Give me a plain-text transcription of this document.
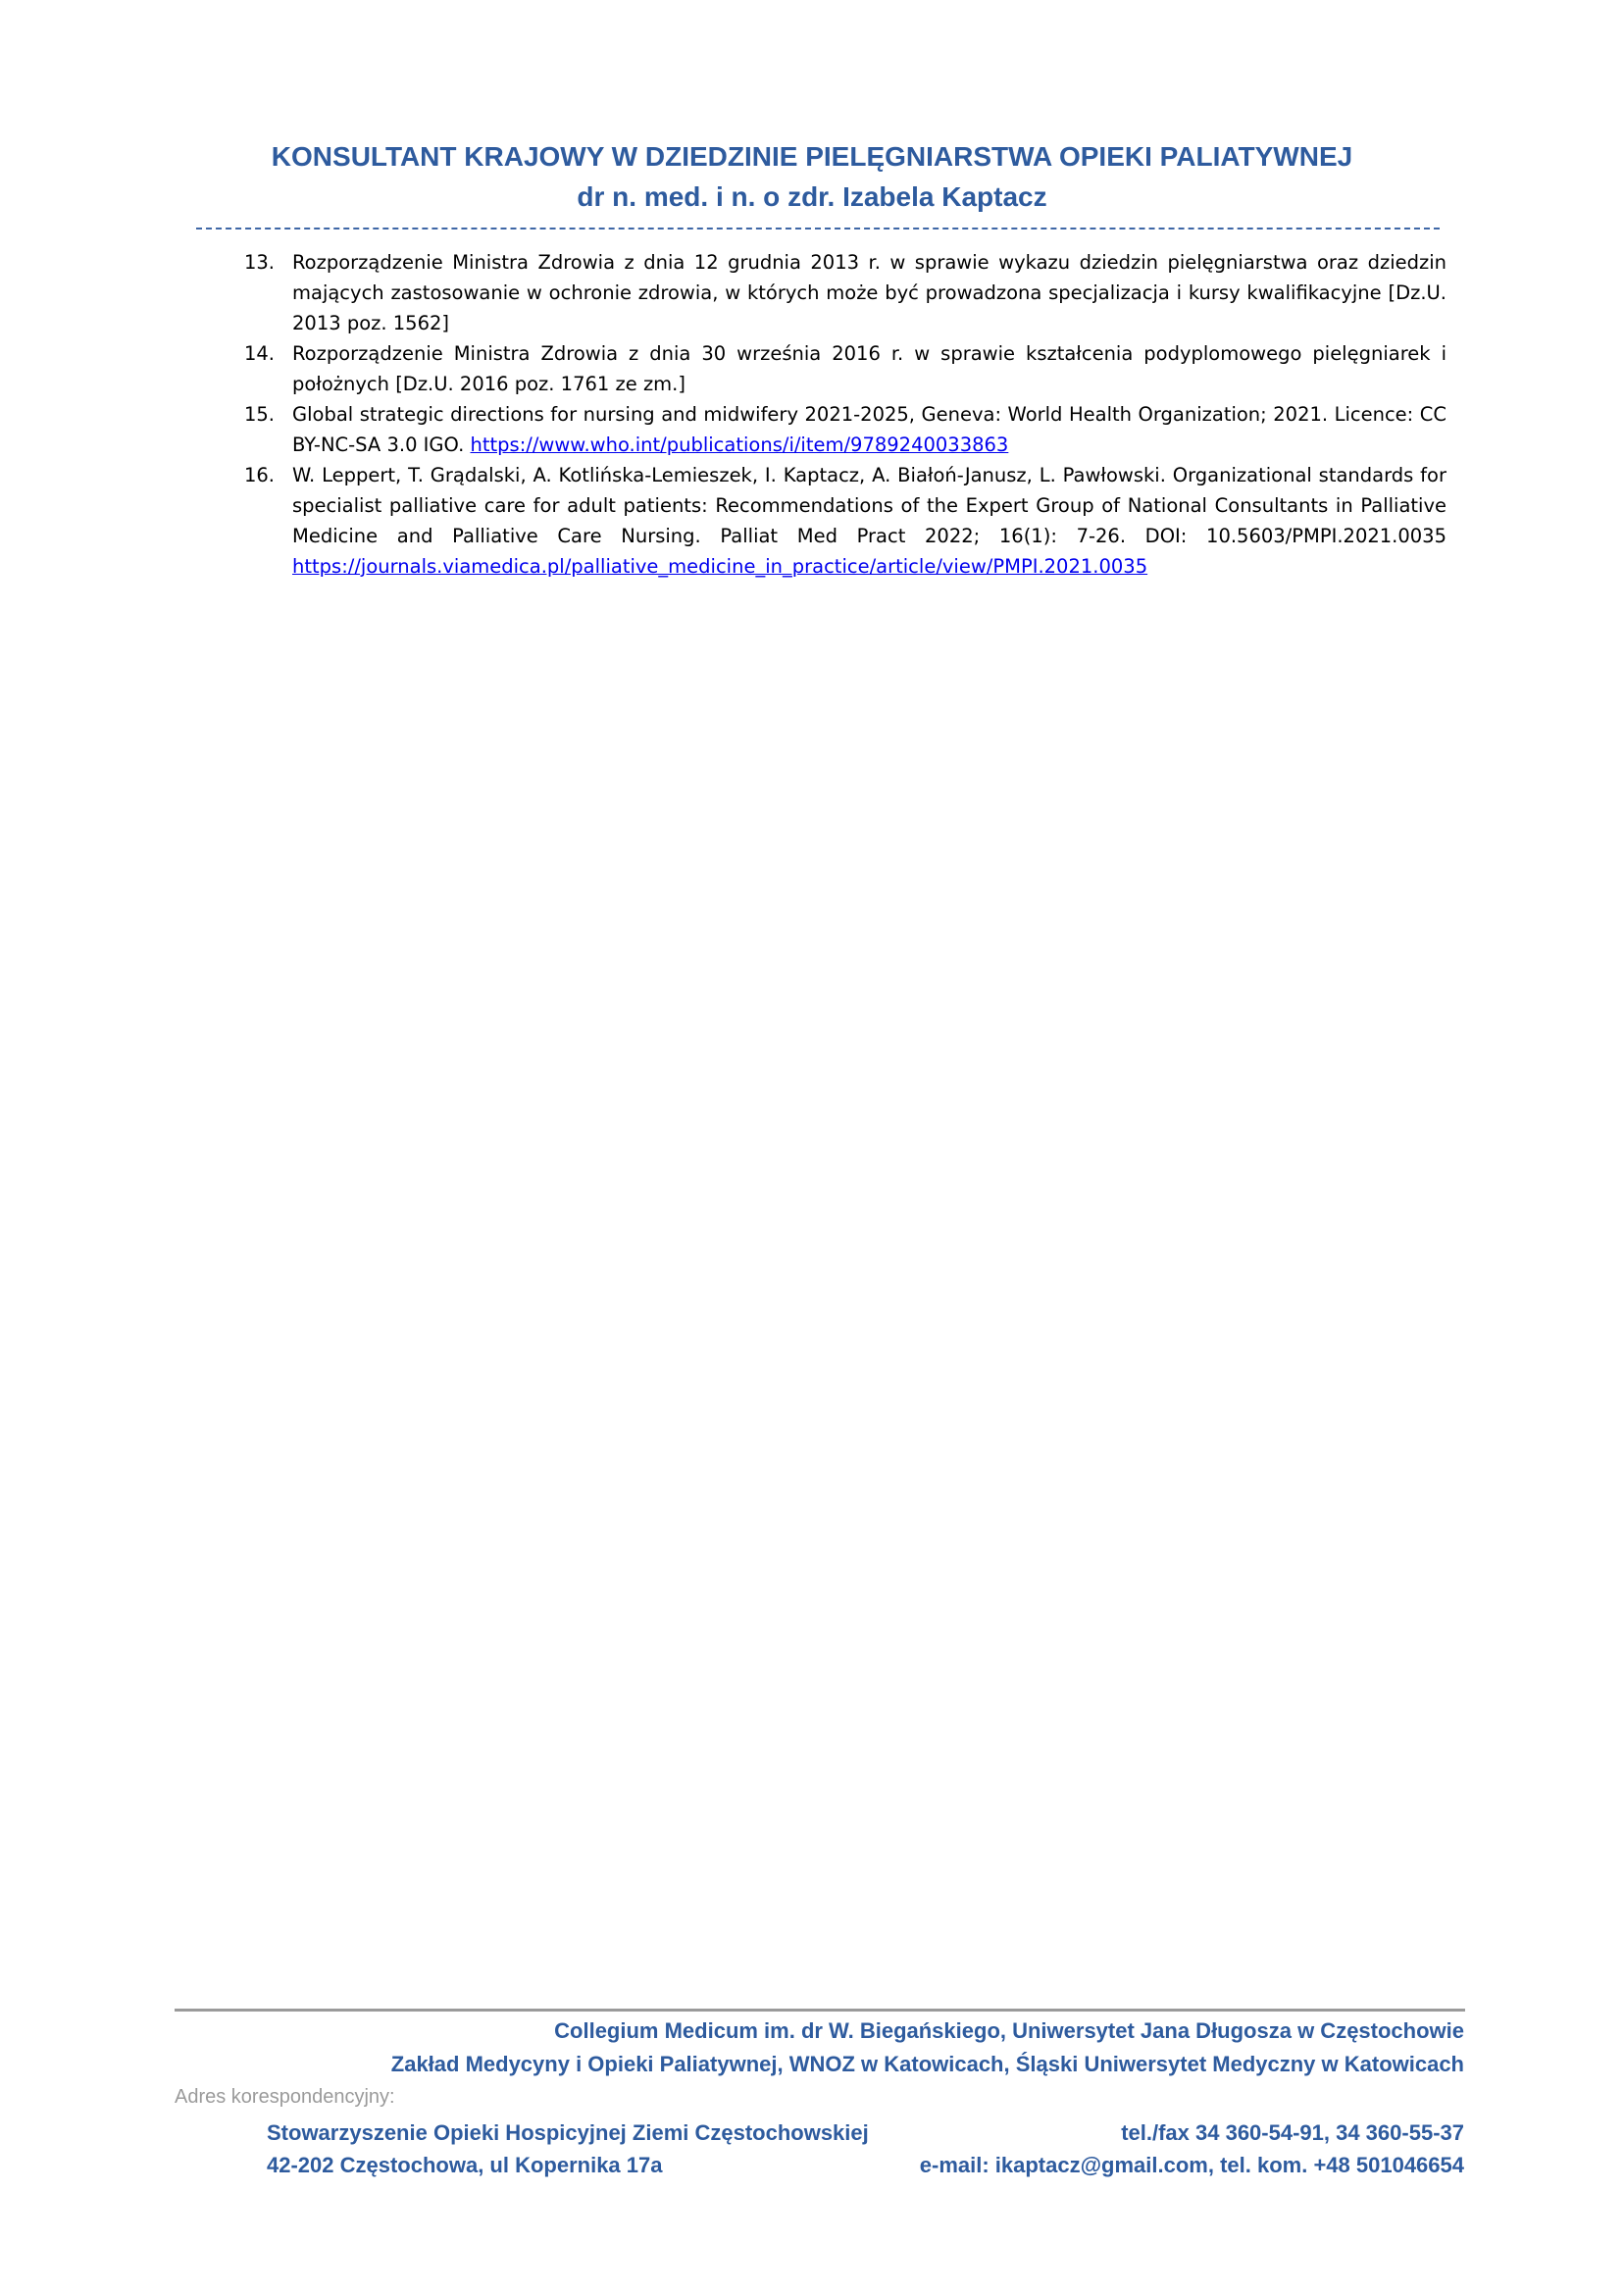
KONSULTANT KRAJOWY W DZIEDZINIE PIELĘGNIARSTWA OPIEKI PALIATYWNEJ
dr n. med. i n. o zdr. Izabela Kaptacz
13. Rozporządzenie Ministra Zdrowia z dnia 12 grudnia 2013 r. w sprawie wykazu dziedzin pielęgniarstwa oraz dziedzin mających zastosowanie w ochronie zdrowia, w których może być prowadzona specjalizacja i kursy kwalifikacyjne [Dz.U. 2013 poz. 1562]
14. Rozporządzenie Ministra Zdrowia z dnia 30 września 2016 r. w sprawie kształcenia podyplomowego pielęgniarek i położnych [Dz.U. 2016 poz. 1761 ze zm.]
15. Global strategic directions for nursing and midwifery 2021-2025, Geneva: World Health Organization; 2021. Licence: CC BY-NC-SA 3.0 IGO. https://www.who.int/publications/i/item/9789240033863
16. W. Leppert, T. Grądalski, A. Kotlińska-Lemieszek, I. Kaptacz, A. Białoń-Janusz, L. Pawłowski. Organizational standards for specialist palliative care for adult patients: Recommendations of the Expert Group of National Consultants in Palliative Medicine and Palliative Care Nursing. Palliat Med Pract 2022; 16(1): 7-26. DOI: 10.5603/PMPI.2021.0035 https://journals.viamedica.pl/palliative_medicine_in_practice/article/view/PMPI.2021.0035
Collegium Medicum im. dr W. Biegańskiego, Uniwersytet Jana Długosza w Częstochowie
Zakład Medycyny i Opieki Paliatywnej, WNOZ w Katowicach, Śląski Uniwersytet Medyczny w Katowicach
Adres korespondencyjny:
Stowarzyszenie Opieki Hospicyjnej Ziemi Częstochowskiej	tel./fax 34 360-54-91, 34 360-55-37
42-202 Częstochowa, ul Kopernika 17a	e-mail: ikaptacz@gmail.com, tel. kom. +48 501046654
